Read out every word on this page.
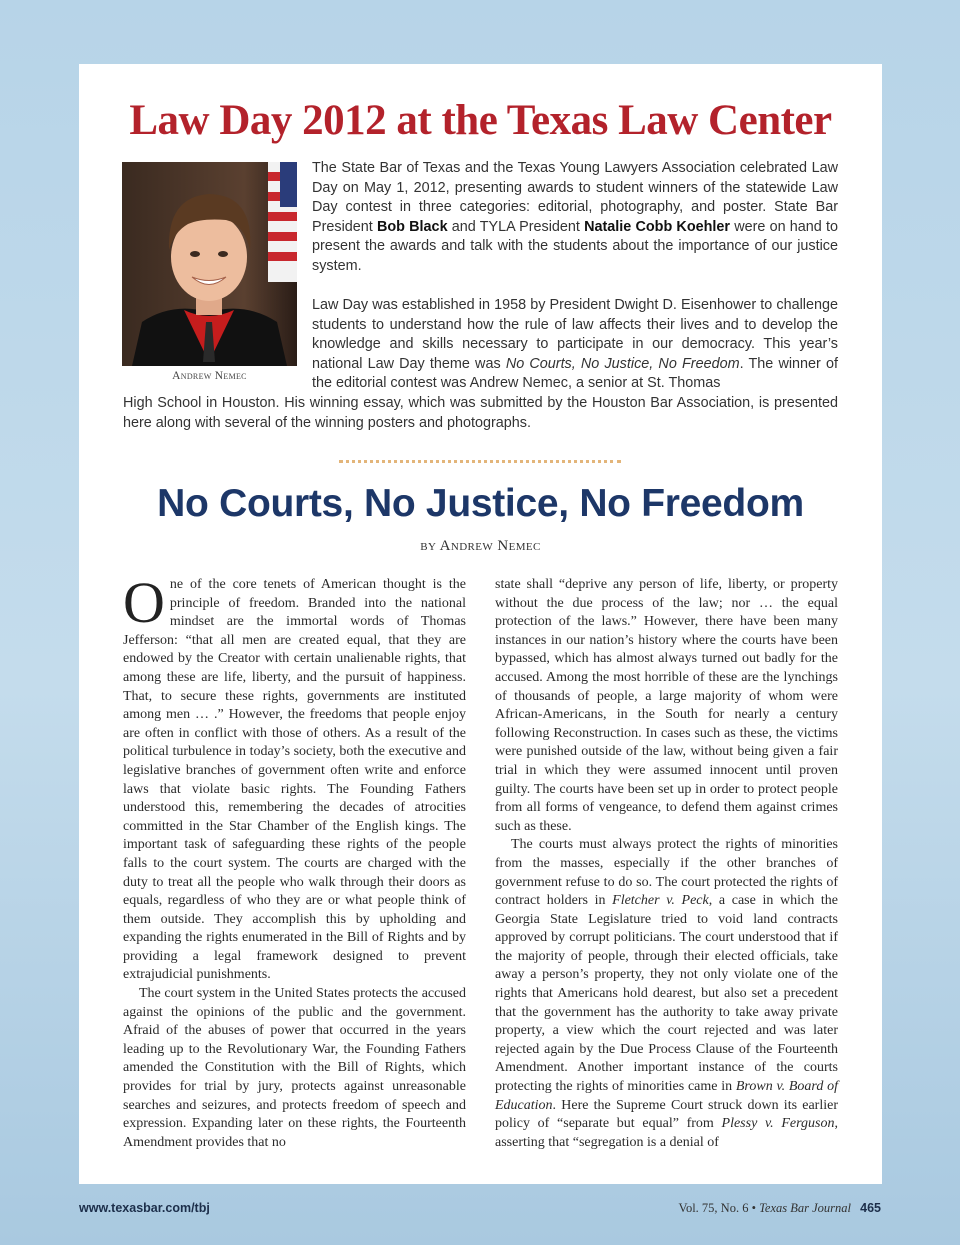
Law Day 2012 at the Texas Law Center
Andrew Nemec
The State Bar of Texas and the Texas Young Lawyers Association celebrated Law Day on May 1, 2012, presenting awards to student winners of the statewide Law Day contest in three categories: editorial, photography, and poster. State Bar President Bob Black and TYLA President Natalie Cobb Koehler were on hand to present the awards and talk with the students about the importance of our justice system.
Law Day was established in 1958 by President Dwight D. Eisenhower to challenge students to understand how the rule of law affects their lives and to develop the knowledge and skills necessary to participate in our democracy. This year’s national Law Day theme was No Courts, No Justice, No Freedom. The winner of the editorial contest was Andrew Nemec, a senior at St. Thomas
High School in Houston. His winning essay, which was submitted by the Houston Bar Association, is presented here along with several of the winning posters and photographs.
No Courts, No Justice, No Freedom
by Andrew Nemec

One of the core tenets of American thought is the principle of freedom. Branded into the national mindset are the immortal words of Thomas Jefferson: “that all men are created equal, that they are endowed by the Creator with certain unalienable rights, that among these are life, liberty, and the pursuit of happiness. That, to secure these rights, governments are instituted among men … .” However, the freedoms that people enjoy are often in conflict with those of others. As a result of the political turbulence in today’s society, both the executive and legislative branches of government often write and enforce laws that violate basic rights. The Founding Fathers understood this, remembering the decades of atrocities committed in the Star Chamber of the English kings. The important task of safeguarding these rights of the people falls to the court system. The courts are charged with the duty to treat all the people who walk through their doors as equals, regardless of who they are or what people think of them outside. They accomplish this by upholding and expanding the rights enumerated in the Bill of Rights and by providing a legal framework designed to prevent extrajudicial punishments.

The court system in the United States protects the accused against the opinions of the public and the government. Afraid of the abuses of power that occurred in the years leading up to the Revolutionary War, the Founding Fathers amended the Constitution with the Bill of Rights, which provides for trial by jury, protects against unreasonable searches and seizures, and protects freedom of speech and expression. Expanding later on these rights, the Fourteenth Amendment provides that no

state shall “deprive any person of life, liberty, or property without the due process of the law; nor … the equal protection of the laws.” However, there have been many instances in our nation’s history where the courts have been bypassed, which has almost always turned out badly for the accused. Among the most horrible of these are the lynchings of thousands of people, a large majority of whom were African-Americans, in the South for nearly a century following Reconstruction. In cases such as these, the victims were punished outside of the law, without being given a fair trial in which they were assumed innocent until proven guilty. The courts have been set up in order to protect people from all forms of vengeance, to defend them against crimes such as these.

The courts must always protect the rights of minorities from the masses, especially if the other branches of government refuse to do so. The court protected the rights of contract holders in Fletcher v. Peck, a case in which the Georgia State Legislature tried to void land contracts approved by corrupt politicians. The court understood that if the majority of people, through their elected officials, take away a person’s property, they not only violate one of the rights that Americans hold dearest, but also set a precedent that the government has the authority to take away private property, a view which the court rejected and was later rejected again by the Due Process Clause of the Fourteenth Amendment. Another important instance of the courts protecting the rights of minorities came in Brown v. Board of Education. Here the Supreme Court struck down its earlier policy of “separate but equal” from Plessy v. Ferguson, asserting that “segregation is a denial of

www.texasbar.com/tbj	Vol. 75, No. 6 • Texas Bar Journal 465
